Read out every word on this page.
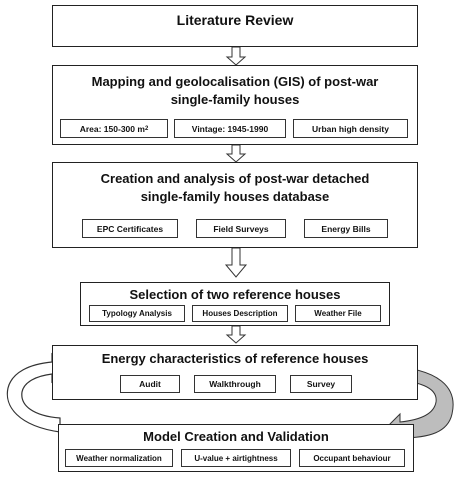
Literature Review
Mapping and geolocalisation (GIS) of post-war
single-family houses
Area: 150-300 m 2	Vintage: 1945-1990	Urban high density
Creation and analysis of post-war detached
single-family houses database
EPC Certificates	Field Surveys	Energy Bills
Selection of two reference houses
Typology Analysis	Houses Description	Weather File
Energy characteristics of reference houses
Audit	Walkthrough	Survey
Model Creation and Validation
Weather normalization	U-value + airtightness	Occupant behaviour
